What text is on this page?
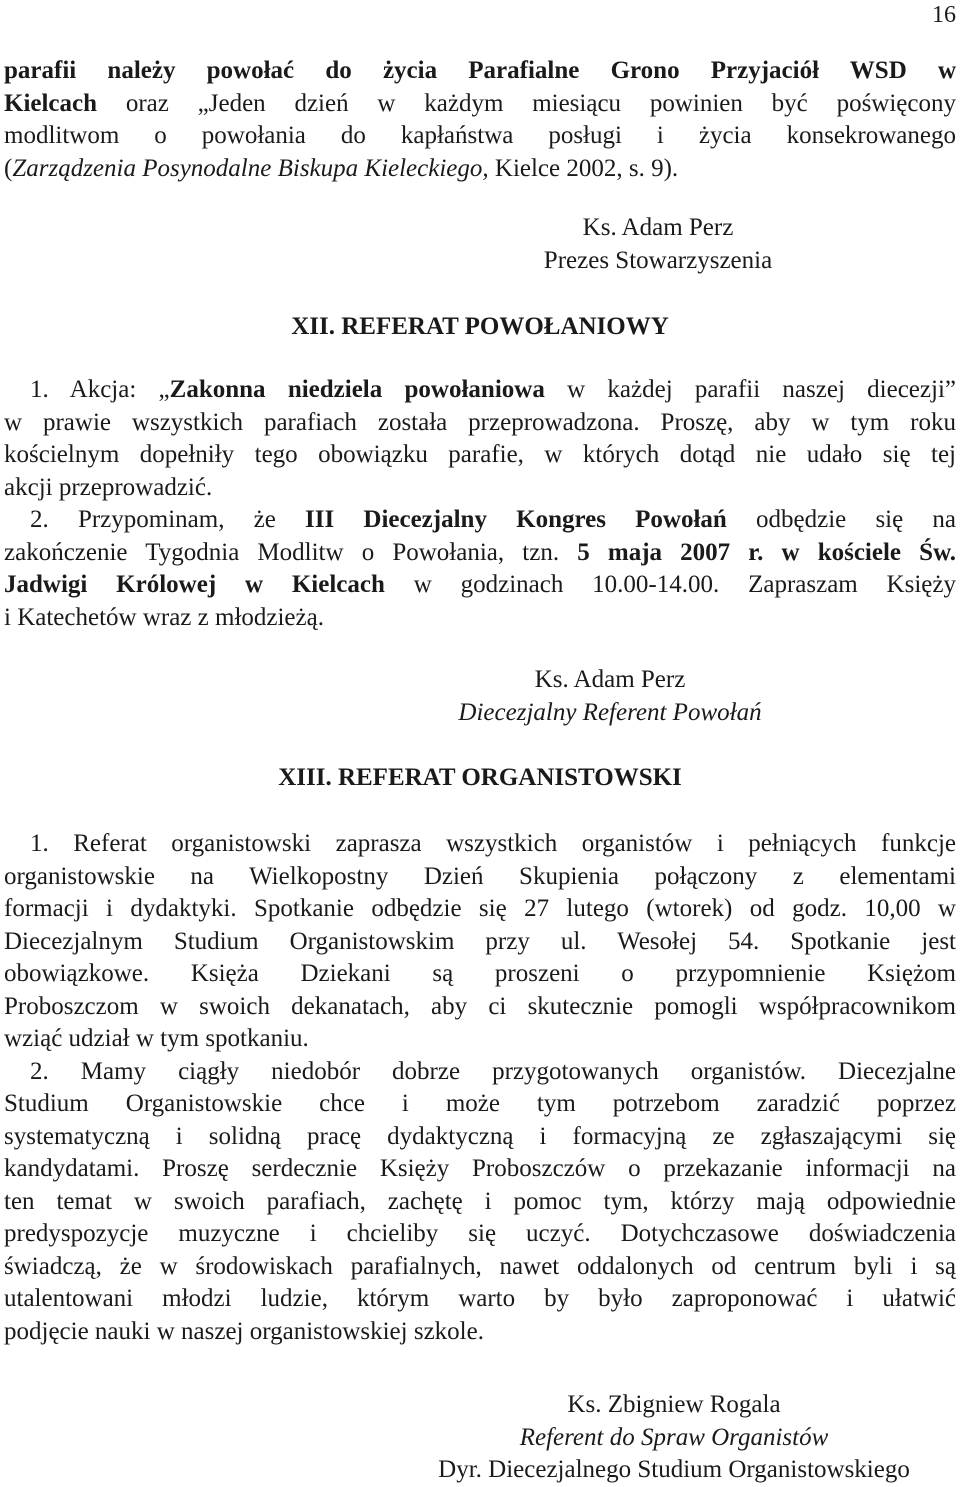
16
parafii należy powołać do życia Parafialne Grono Przyjaciół WSD w
Kielcach oraz „Jeden dzień w każdym miesiącu powinien być poświęcony
modlitwom o powołania do kapłaństwa posługi i życia konsekrowanego
(Zarządzenia Posynodalne Biskupa Kieleckiego, Kielce 2002, s. 9).
Ks. Adam Perz
Prezes Stowarzyszenia
XII. REFERAT POWOŁANIOWY
1. Akcja: „Zakonna niedziela powołaniowa w każdej parafii naszej diecezji”
w prawie wszystkich parafiach została przeprowadzona. Proszę, aby w tym roku
kościelnym dopełniły tego obowiązku parafie, w których dotąd nie udało się tej
akcji przeprowadzić.
2. Przypominam, że III Diecezjalny Kongres Powołań odbędzie się na
zakończenie Tygodnia Modlitw o Powołania, tzn. 5 maja 2007 r. w kościele Św.
Jadwigi Królowej w Kielcach w godzinach 10.00-14.00. Zapraszam Księży
i Katechetów wraz z młodzieżą.
Ks. Adam Perz
Diecezjalny Referent Powołań
XIII. REFERAT ORGANISTOWSKI
1. Referat organistowski zaprasza wszystkich organistów i pełniących funkcje
organistowskie na Wielkopostny Dzień Skupienia połączony z elementami
formacji i dydaktyki. Spotkanie odbędzie się 27 lutego (wtorek) od godz. 10,00 w
Diecezjalnym Studium Organistowskim przy ul. Wesołej 54. Spotkanie jest
obowiązkowe. Księża Dziekani są proszeni o przypomnienie Księżom
Proboszczom w swoich dekanatach, aby ci skutecznie pomogli współpracownikom
wziąć udział w tym spotkaniu.
2. Mamy ciągły niedobór dobrze przygotowanych organistów. Diecezjalne
Studium Organistowskie chce i może tym potrzebom zaradzić poprzez
systematyczną i solidną pracę dydaktyczną i formacyjną ze zgłaszającymi się
kandydatami. Proszę serdecznie Księży Proboszczów o przekazanie informacji na
ten temat w swoich parafiach, zachętę i pomoc tym, którzy mają odpowiednie
predyspozycje muzyczne i chcieliby się uczyć. Dotychczasowe doświadczenia
świadczą, że w środowiskach parafialnych, nawet oddalonych od centrum byli i są
utalentowani młodzi ludzie, którym warto by było zaproponować i ułatwić
podjęcie nauki w naszej organistowskiej szkole.
Ks. Zbigniew Rogala
Referent do Spraw Organistów
Dyr. Diecezjalnego Studium Organistowskiego
